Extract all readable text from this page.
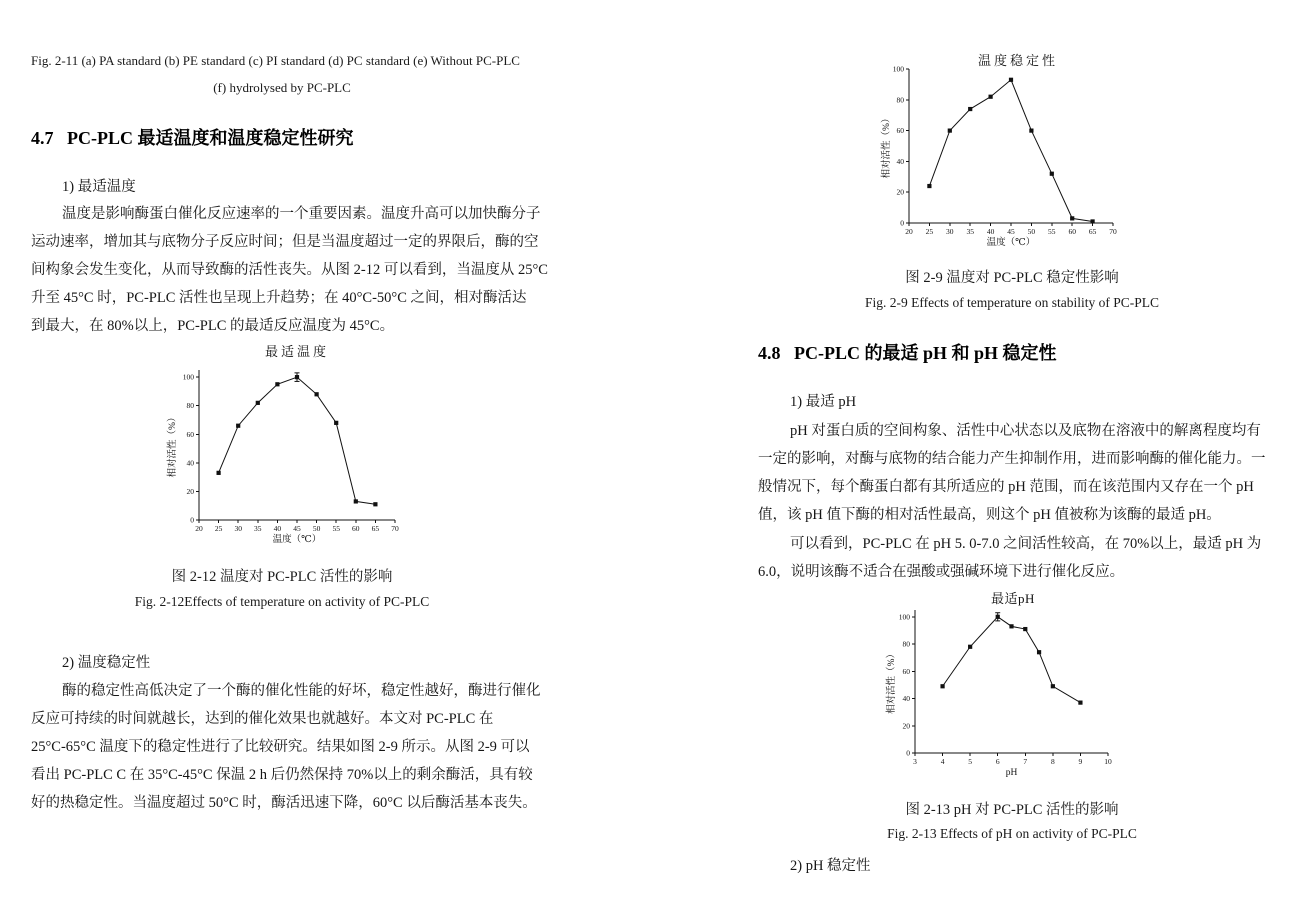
Fig. 2-11 (a) PA standard (b) PE standard (c) PI standard (d) PC standard (e) Without PC-PLC
(f) hydrolysed by PC-PLC
4.7   PC-PLC 最适温度和温度稳定性研究
1) 最适温度
温度是影响酶蛋白催化反应速率的一个重要因素。温度升高可以加快酶分子
运动速率，增加其与底物分子反应时间；但是当温度超过一定的界限后，酶的空
间构象会发生变化，从而导致酶的活性丧失。从图 2-12 可以看到，当温度从 25°C
升至 45°C 时，PC-PLC 活性也呈现上升趋势；在 40°C-50°C 之间，相对酶活达
到最大，在 80%以上，PC-PLC 的最适反应温度为 45°C。
最适温度
20 25 30 35 40 45 50 55 60 65 70
0
20
40
60
80
100
温度（℃）
相对活性（%）
图 2-12 温度对 PC-PLC 活性的影响
Fig. 2-12Effects of temperature on activity of PC-PLC
2) 温度稳定性
酶的稳定性高低决定了一个酶的催化性能的好坏，稳定性越好，酶进行催化
反应可持续的时间就越长，达到的催化效果也就越好。本文对 PC-PLC 在
25°C-65°C 温度下的稳定性进行了比较研究。结果如图 2-9 所示。从图 2-9 可以
看出 PC-PLC C 在 35°C-45°C 保温 2 h 后仍然保持 70%以上的剩余酶活，具有较
好的热稳定性。当温度超过 50°C 时，酶活迅速下降，60°C 以后酶活基本丧失。
温度稳定性
20 25 30 35 40 45 50 55 60 65 70
0
20
40
60
80
100
温度（℃）
相对活性（%）
图 2-9 温度对 PC-PLC 稳定性影响
Fig. 2-9 Effects of temperature on stability of PC-PLC
4.8   PC-PLC 的最适 pH 和 pH 稳定性
1) 最适 pH
pH 对蛋白质的空间构象、活性中心状态以及底物在溶液中的解离程度均有
一定的影响，对酶与底物的结合能力产生抑制作用，进而影响酶的催化能力。一
般情况下，每个酶蛋白都有其所适应的 pH 范围，而在该范围内又存在一个 pH
值，该 pH 值下酶的相对活性最高，则这个 pH 值被称为该酶的最适 pH。
可以看到，PC-PLC 在 pH 5. 0-7.0 之间活性较高，在 70%以上，最适 pH 为
6.0，说明该酶不适合在强酸或强碱环境下进行催化反应。
最适pH
3	4	5	6	7	8	9	10
0
20
40
60
80
100
pH
相对活性（%）
图 2-13 pH 对 PC-PLC 活性的影响
Fig. 2-13 Effects of pH on activity of PC-PLC
2) pH 稳定性
